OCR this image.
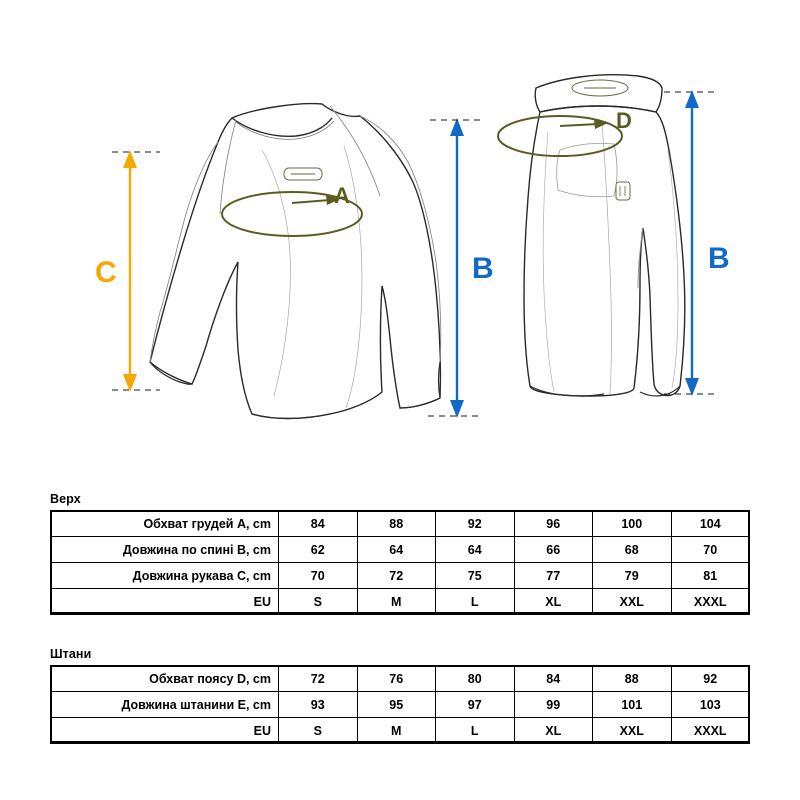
A
B
C
D
B
Верх
Обхват грудей A, cm	84	88	92	96	100	104
Довжина по спині B, cm	62	64	64	66	68	70
Довжина рукава C, cm	70	72	75	77	79	81
EU	S	M	L	XL	XXL	XXXL
Штани
Обхват поясу D, cm	72	76	80	84	88	92
Довжина штанини E, cm	93	95	97	99	101	103
EU	S	M	L	XL	XXL	XXXL
